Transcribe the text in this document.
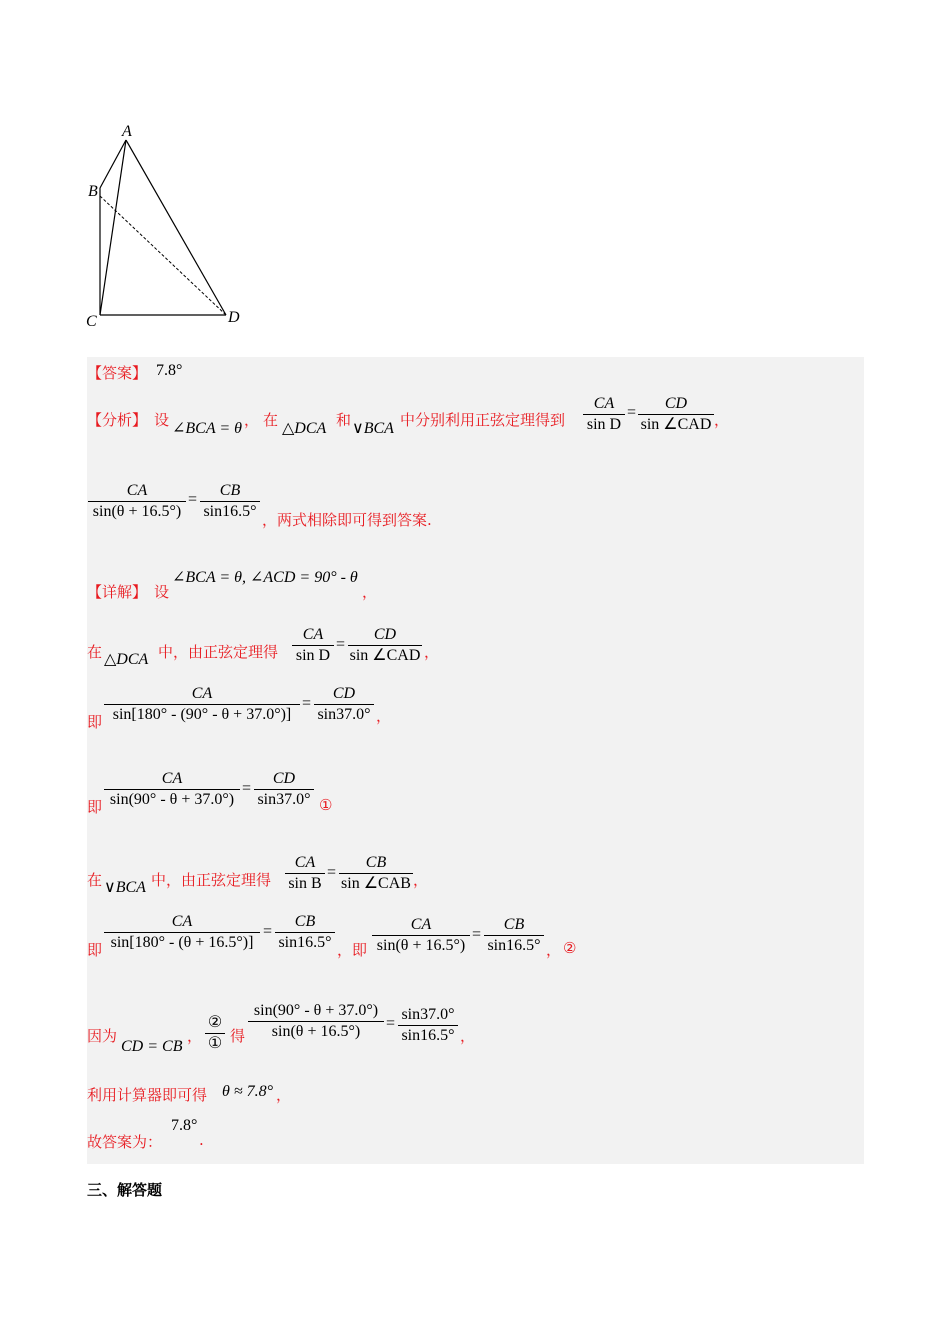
A
B
C	D
【答案】 7.8°
【分析】 设 ∠BCA = θ ， 在 △DCA 和 ∨BCA 中分别利用正弦定理得到
CA
sin D
=
CD
sin ∠CAD ，
CA
sin(θ + 16.5°)
=
CB
sin16.5° ，两式相除即可得到答案.
【详解】 设
∠BCA = θ, ∠ACD = 90° - θ
，
在 △DCA 中，由正弦定理得
CA
sin D
=
CD
sin ∠CAD ，
即
CA
sin[180° - (90° - θ + 37.0°)]
=
CD
sin37.0° ，
即
CA
sin(90° - θ + 37.0°)
=
CD
sin37.0° ①
在 ∨BCA 中，由正弦定理得
CA
sin B
=
CB
sin ∠CAB ，
即
CA
sin[180° - (θ + 16.5°)]
=
CB
sin16.5° ，即
CA
sin(θ + 16.5°)
=
CB
sin16.5° ， ②
因为
CD = CB
，
②
① 得
sin(90° - θ + 37.0°)
sin(θ + 16.5°)	=
sin37.0°
sin16.5° ，
利用计算器即可得 θ ≈ 7.8° ，
故答案为：
7.8°
.
三、解答题
